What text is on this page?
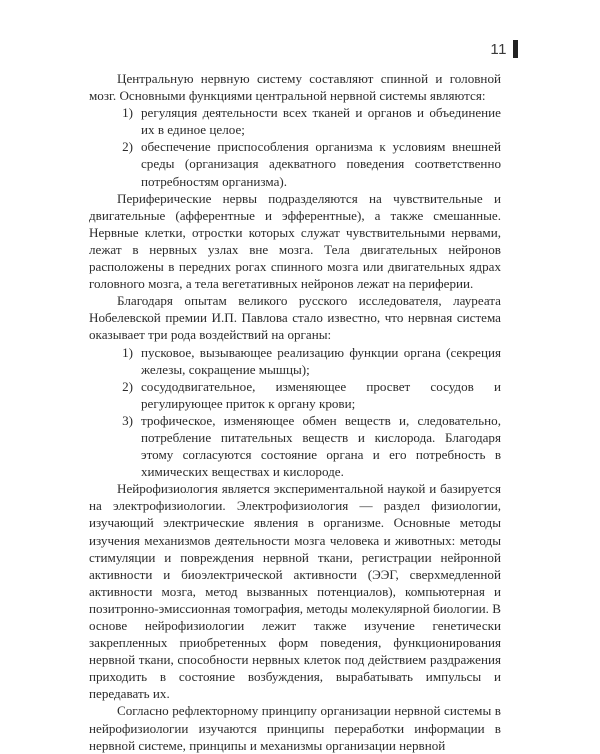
11

Центральную нервную систему составляют спинной и головной мозг. Основными функциями центральной нервной системы являются:

1) регуляция деятельности всех тканей и органов и объединение их в единое целое;
2) обеспечение приспособления организма к условиям внешней среды (организация адекватного поведения соответственно потребностям организма).

Периферические нервы подразделяются на чувствительные и двигательные (афферентные и эфферентные), а также смешанные. Нервные клетки, отростки которых служат чувствительными нервами, лежат в нервных узлах вне мозга. Тела двигательных нейронов расположены в передних рогах спинного мозга или двигательных ядрах головного мозга, а тела вегетативных нейронов лежат на периферии.

Благодаря опытам великого русского исследователя, лауреата Нобелевской премии И.П. Павлова стало известно, что нервная система оказывает три рода воздействий на органы:

1) пусковое, вызывающее реализацию функции органа (секреция железы, сокращение мышцы);
2) сосудодвигательное, изменяющее просвет сосудов и регулирующее приток к органу крови;
3) трофическое, изменяющее обмен веществ и, следовательно, потребление питательных веществ и кислорода. Благодаря этому согласуются состояние органа и его потребность в химических веществах и кислороде.

Нейрофизиология является экспериментальной наукой и базируется на электрофизиологии. Электрофизиология — раздел физиологии, изучающий электрические явления в организме. Основные методы изучения механизмов деятельности мозга человека и животных: методы стимуляции и повреждения нервной ткани, регистрации нейронной активности и биоэлектрической активности (ЭЭГ, сверхмедленной активности мозга, метод вызванных потенциалов), компьютерная и позитронно-эмиссионная томография, методы молекулярной биологии. В основе нейрофизиологии лежит также изучение генетически закрепленных приобретенных форм поведения, функционирования нервной ткани, способности нервных клеток под действием раздражения приходить в состояние возбуждения, вырабатывать импульсы и передавать их.

Согласно рефлекторному принципу организации нервной системы в нейрофизиологии изучаются принципы переработки информации в нервной системе, принципы и механизмы организации нервной
